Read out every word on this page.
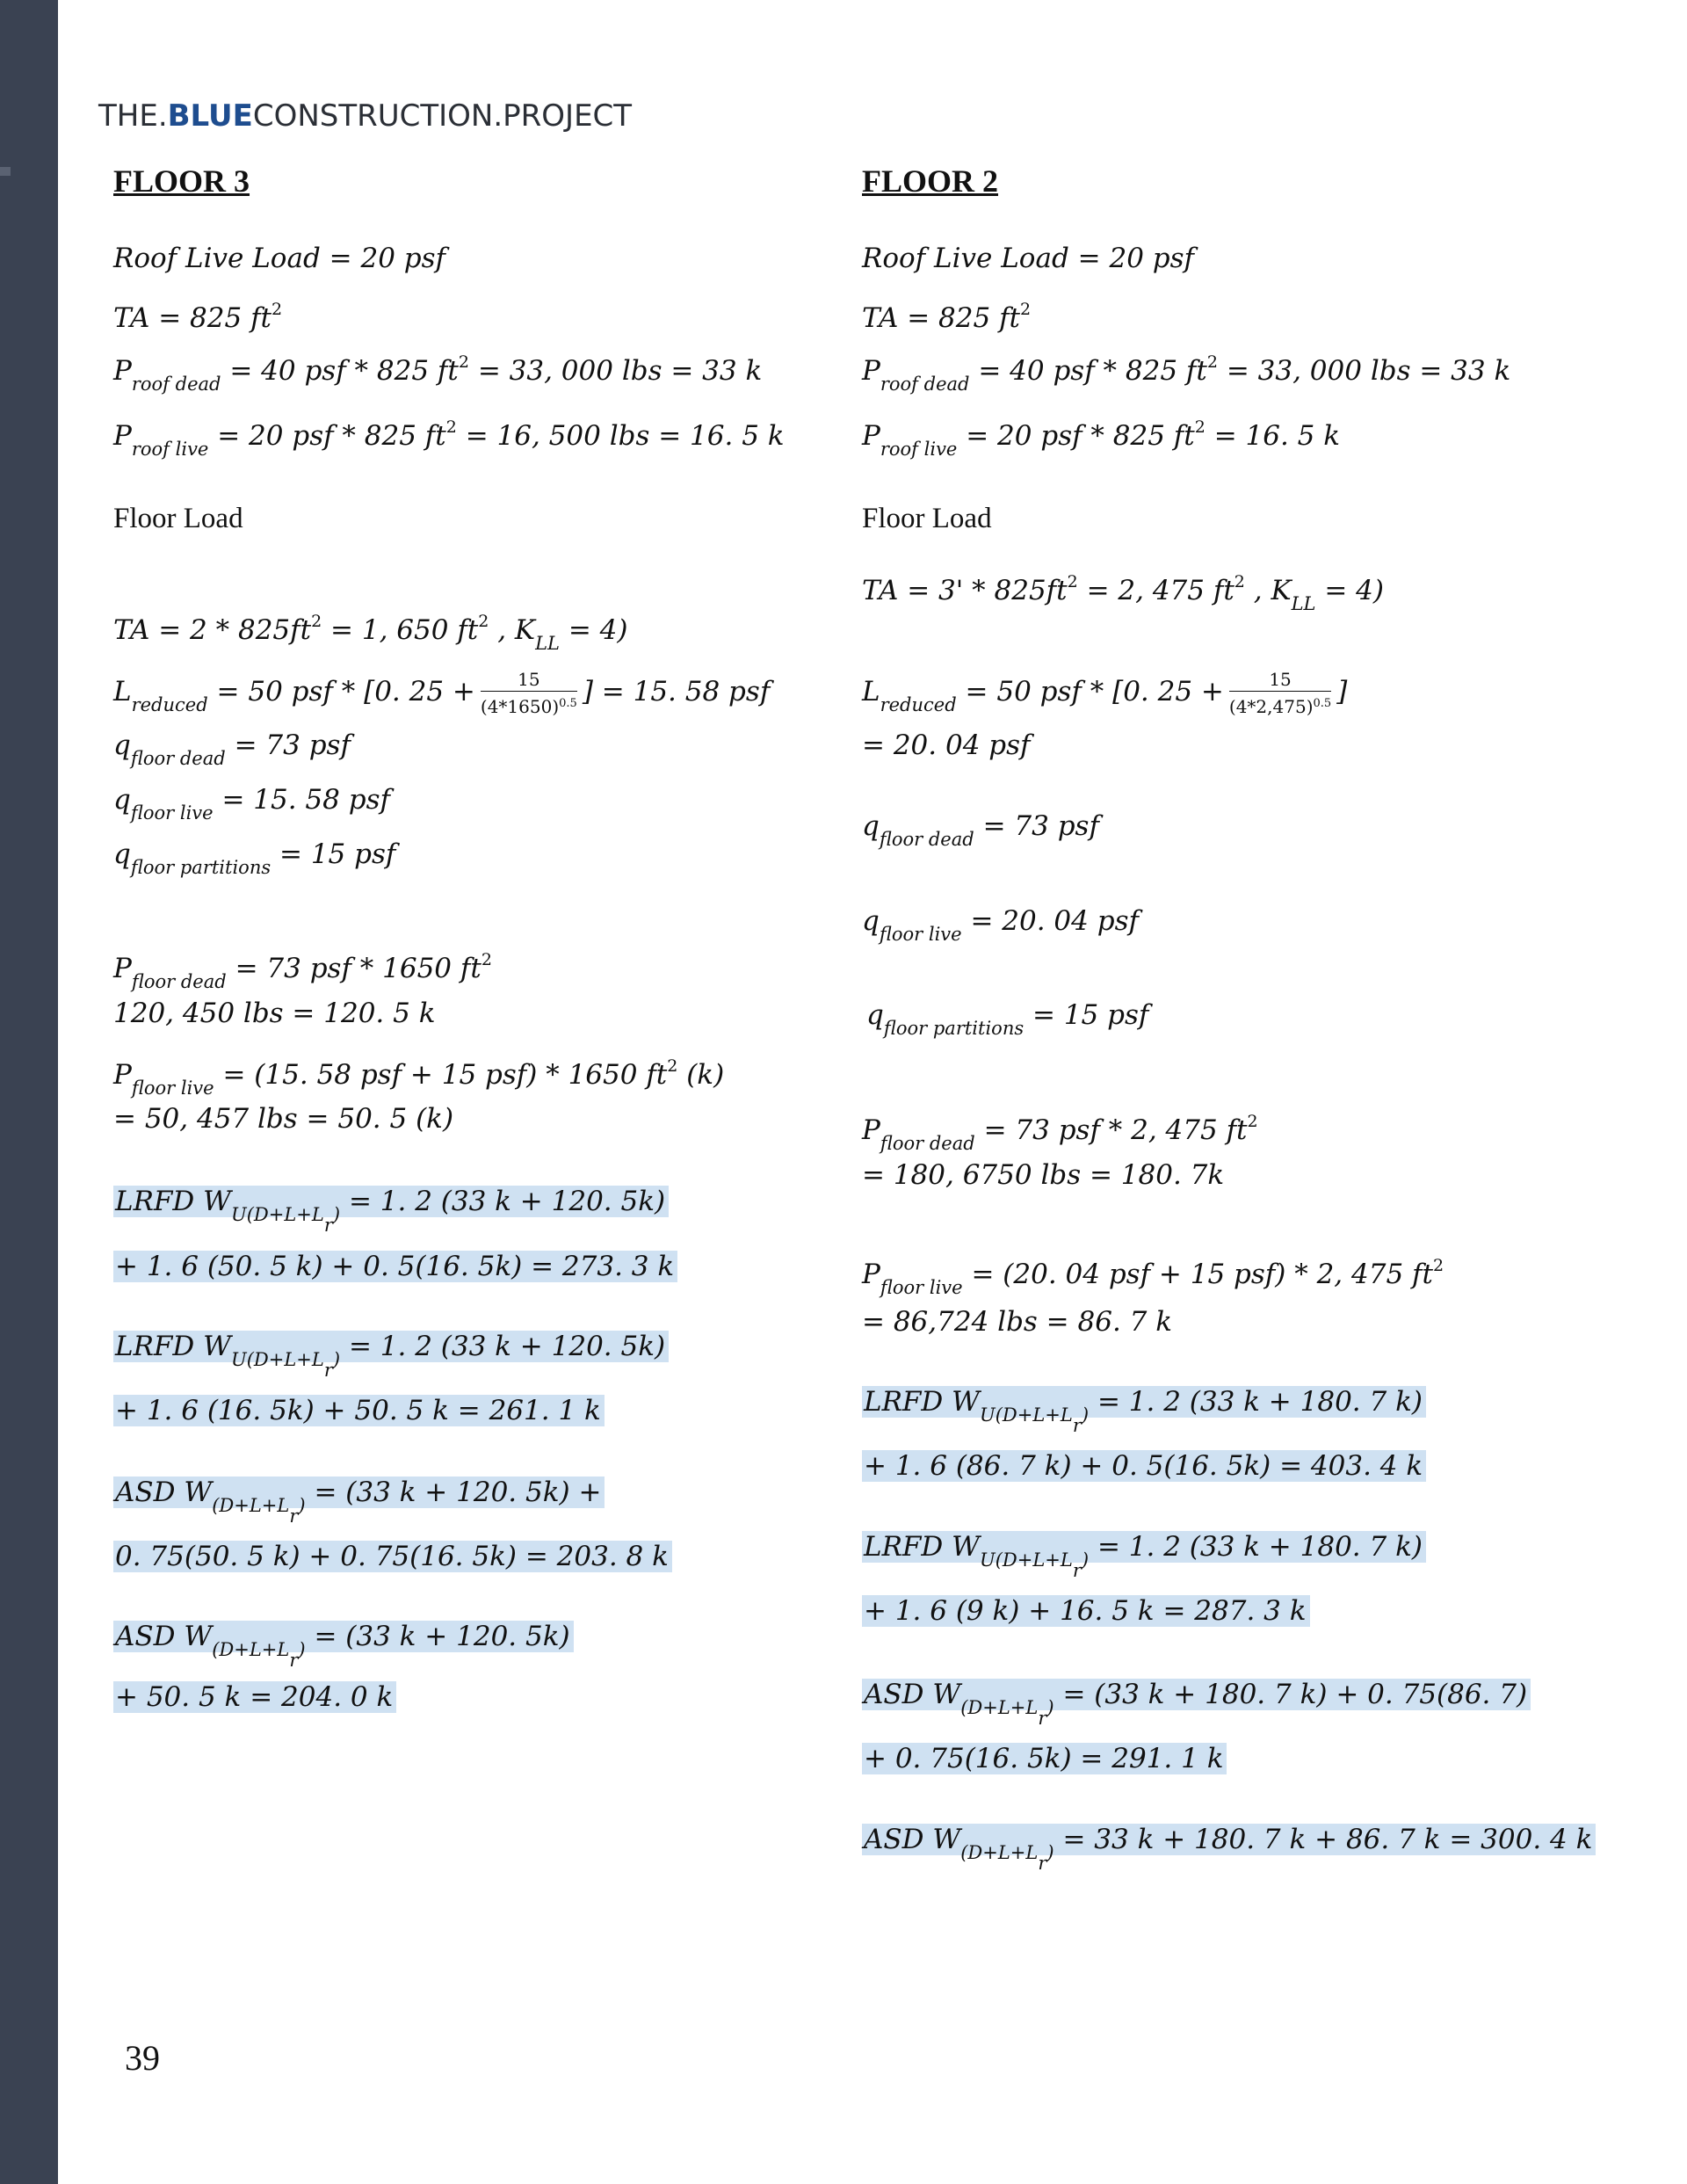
THE.BLUECONSTRUCTION.PROJECT
FLOOR 3
Roof Live Load = 20 psf
TA = 825 $ft^2$
$P_{roof dead} = 40$ psf * 825 $ft^2 = 33$, 000 lbs = 33 k
$P_{roof live} = 20$ psf * 825 $ft^2 = 16$, 500 lbs = 16. 5 k
Floor Load
TA = $2 * 825ft^2 = 1$, 650 $ft^2$ , $K_{LL} = 4$)
$L_{reduced} = 50$ psf * [0. $25 + \frac{15}{(4*1650)^{0.5}}$ ] = 15. 58 psf
$q_{floor dead} = 73$ psf
$q_{floor live} = 15$. 58 psf
$q_{floor partitions} = 15$ psf
$P_{floor dead} = 73$ psf * 1650 $ft^2$
120, 450 lbs = 120. 5 k
$P_{floor live} = (15$. 58 psf + 15 psf) * 1650 $ft^2$ (k)
= 50, 457 lbs = 50. 5 (k)
LRFD $W_{U(D+L+L_r)} = 1$. 2 (33 k + 120. 5k)
+ 1. 6 (50. 5 k) + 0. 5(16. 5k) = 273. 3 k
LRFD $W_{U(D+L+L_r)} = 1$. 2 (33 k + 120. 5k)
+ 1. 6 (16. 5k) + 50. 5 k = 261. 1 k
ASD $W_{(D+L+L_r)} = (33$ k + 120. 5k) +
0. 75(50. 5 k) + 0. 75(16. 5k) = 203. 8 k
ASD $W_{(D+L+L_r)} = (33$ k + 120. 5k)
+ 50. 5 k = 204. 0 k
FLOOR 2
Roof Live Load = 20 psf
TA = 825 $ft^2$
$P_{roof dead} = 40$ psf * 825 $ft^2 = 33$, 000 lbs = 33 k
$P_{roof live} = 20$ psf * 825 $ft^2 = 16$. 5 k
Floor Load
TA = $3' * 825ft^2 = 2$, 475 $ft^2$ , $K_{LL} = 4$)
$L_{reduced} = 50$ psf * [0. $25 + \frac{15}{(4*2,475)^{0.5}}$ ]
= 20. 04 psf
$q_{floor dead} = 73$ psf
$q_{floor live} = 20$. 04 psf
$q_{floor partitions} = 15$ psf
$P_{floor dead} = 73$ psf * 2, 475 $ft^2$
= 180, 6750 lbs = 180. 7k
$P_{floor live} = (20$. 04 psf + 15 psf) * 2, 475 $ft^2$
= 86,724 lbs = 86. 7 k
LRFD $W_{U(D+L+L_r)} = 1$. 2 (33 k + 180. 7 k)
+ 1. 6 (86. 7 k) + 0. 5(16. 5k) = 403. 4 k
LRFD $W_{U(D+L+L_r)} = 1$. 2 (33 k + 180. 7 k)
+ 1. 6 (9 k) + 16. 5 k = 287. 3 k
ASD $W_{(D+L+L_r)} = (33$ k + 180. 7 k) + 0. 75(86. 7)
+ 0. 75(16. 5k) = 291. 1 k
ASD $W_{(D+L+L_r)} = 33$ k + 180. 7 k + 86. 7 k = 300. 4 k
39
